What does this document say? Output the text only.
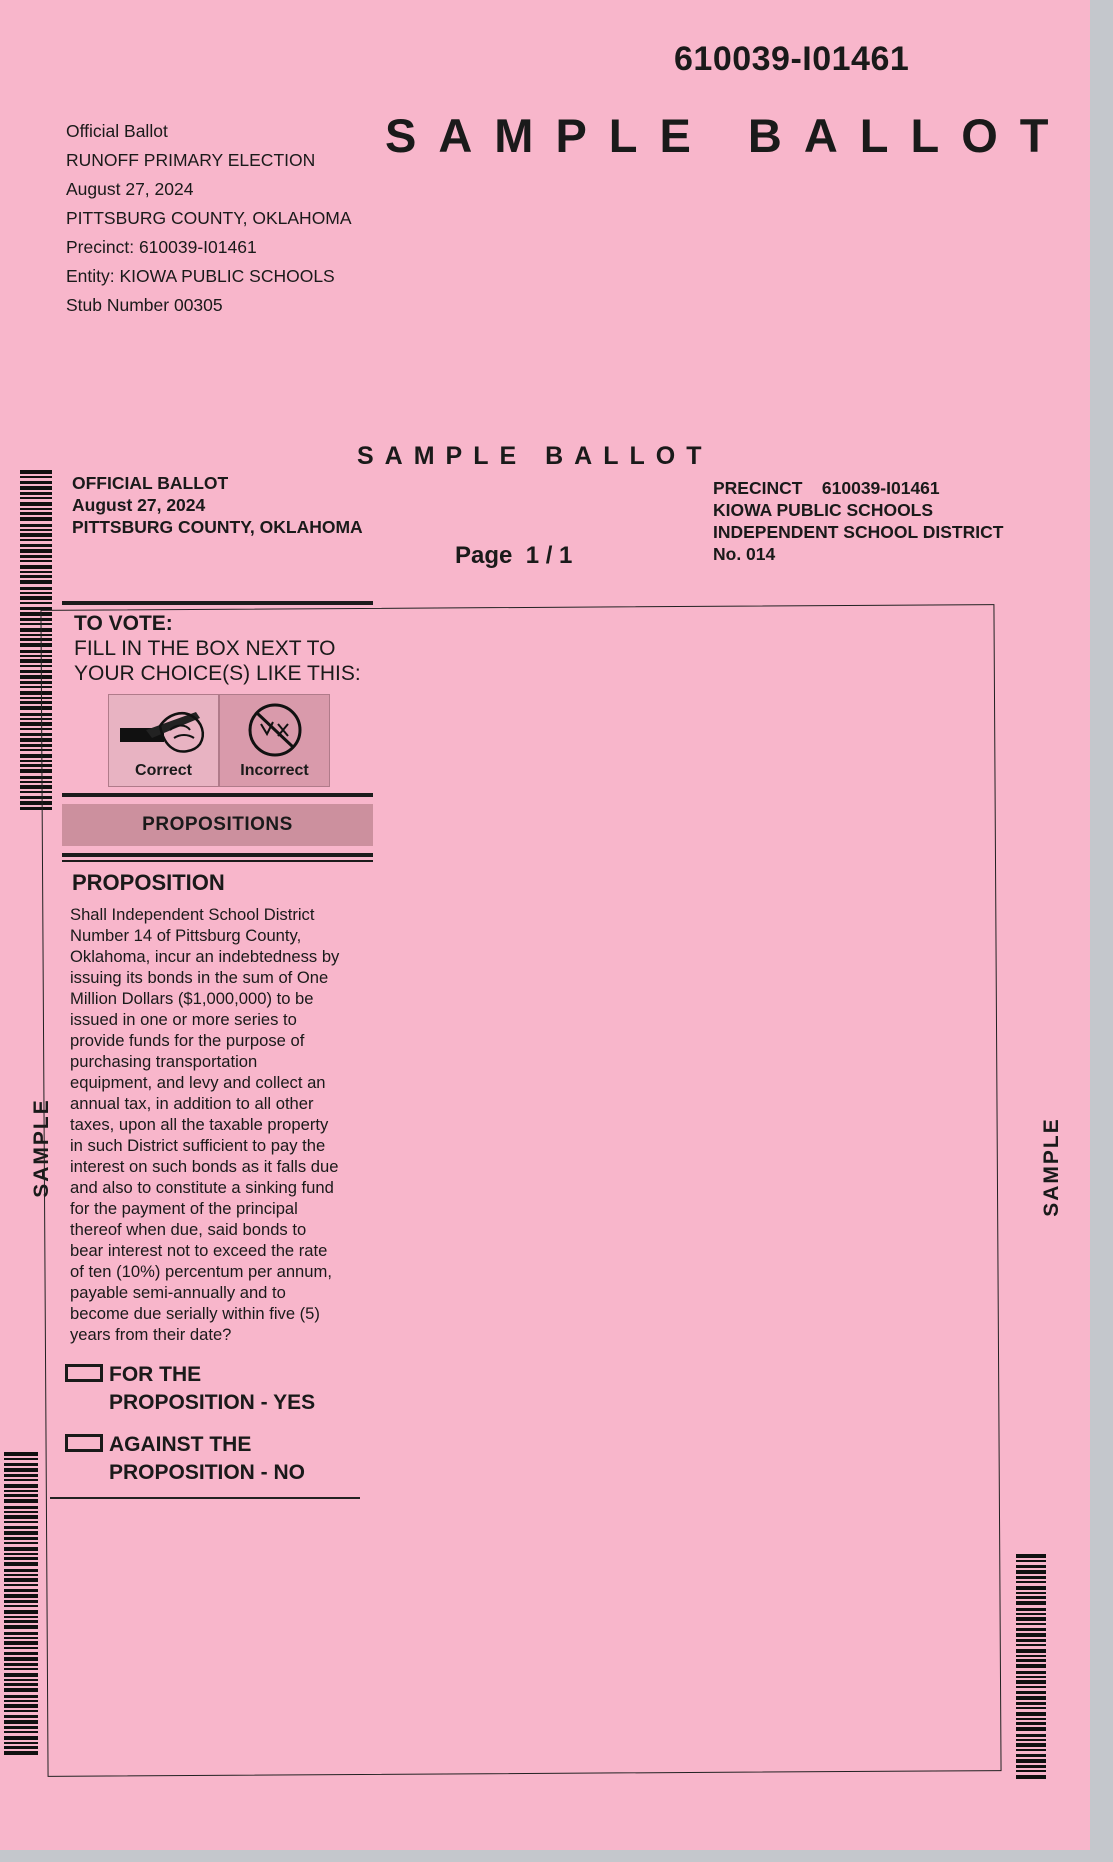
610039-I01461
SAMPLE BALLOT
Official Ballot
RUNOFF PRIMARY ELECTION
August 27, 2024
PITTSBURG COUNTY, OKLAHOMA
Precinct: 610039-I01461
Entity: KIOWA PUBLIC SCHOOLS
Stub Number 00305
SAMPLE BALLOT
OFFICIAL BALLOT
August 27, 2024
PITTSBURG COUNTY, OKLAHOMA
PRECINCT    610039-I01461
KIOWA PUBLIC SCHOOLS
INDEPENDENT SCHOOL DISTRICT
No. 014
Page  1 / 1
SAMPLE	SAMPLE
TO VOTE:
FILL IN THE BOX NEXT TO
YOUR CHOICE(S) LIKE THIS:
Correct	Incorrect
PROPOSITIONS
PROPOSITION
Shall Independent School District
Number 14 of Pittsburg County,
Oklahoma, incur an indebtedness by
issuing its bonds in the sum of One
Million Dollars ($1,000,000) to be
issued in one or more series to
provide funds for the purpose of
purchasing transportation
equipment, and levy and collect an
annual tax, in addition to all other
taxes, upon all the taxable property
in such District sufficient to pay the
interest on such bonds as it falls due
and also to constitute a sinking fund
for the payment of the principal
thereof when due, said bonds to
bear interest not to exceed the rate
of ten (10%) percentum per annum,
payable semi-annually and to
become due serially within five (5)
years from their date?
FOR THE
PROPOSITION - YES
AGAINST THE
PROPOSITION - NO
